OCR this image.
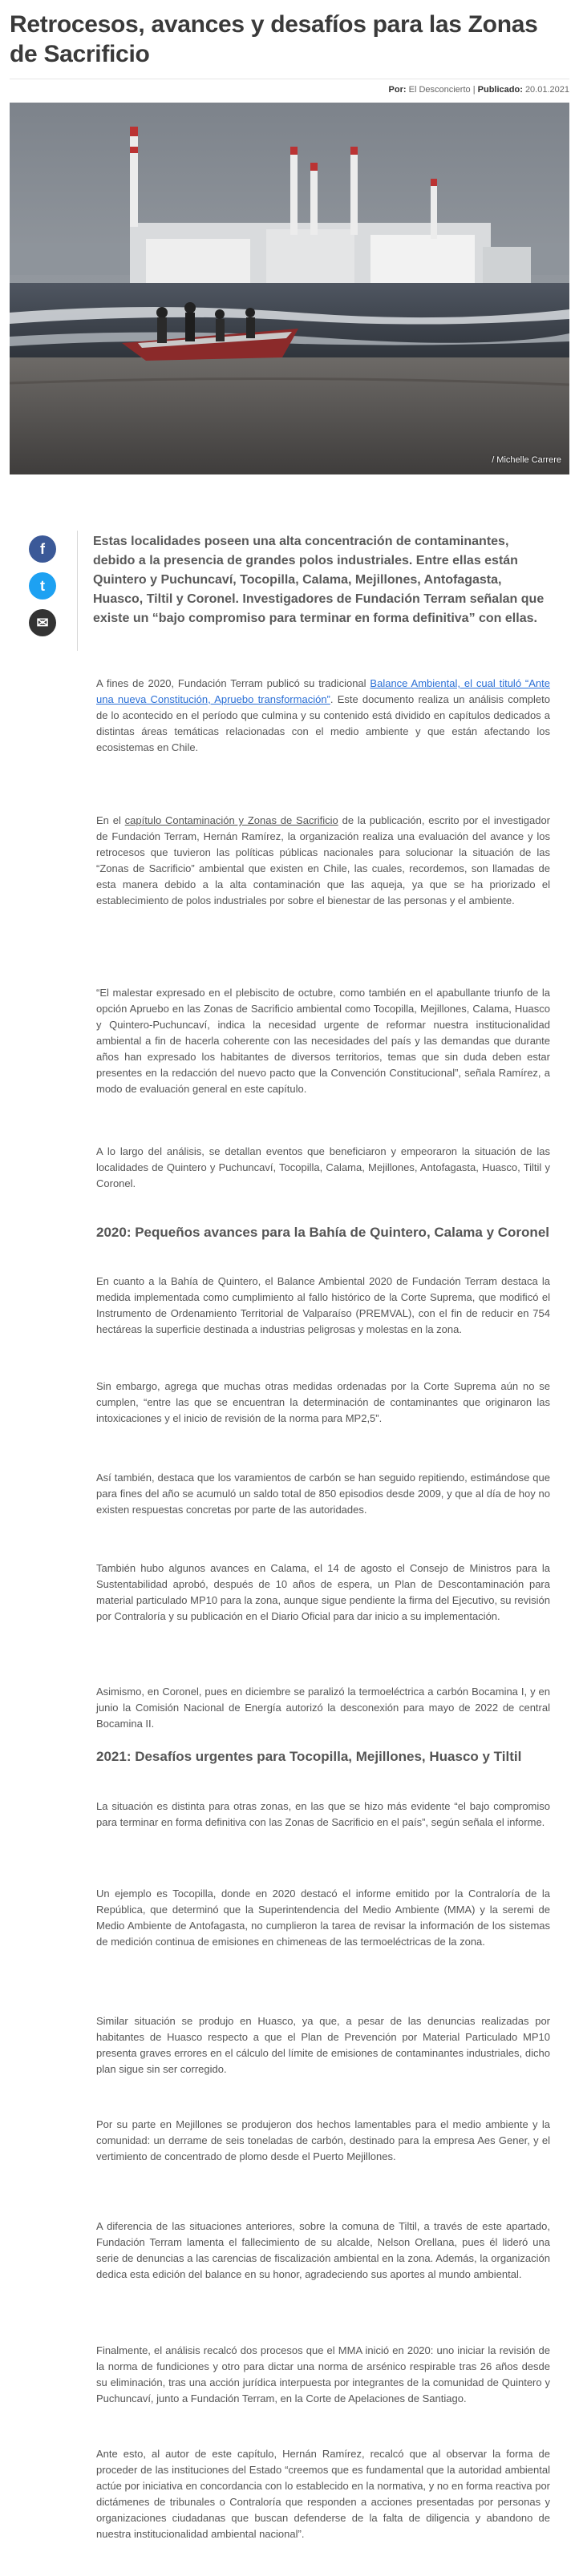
Retrocesos, avances y desafíos para las Zonas de Sacrificio
Por: El Desconcierto | Publicado: 20.01.2021
/ Michelle Carrere
f
t
✉

Estas localidades poseen una alta concentración de contaminantes, debido a la presencia de grandes polos industriales. Entre ellas están Quintero y Puchuncaví, Tocopilla, Calama, Mejillones, Antofagasta, Huasco, Tiltil y Coronel. Investigadores de Fundación Terram señalan que existe un “bajo compromiso para terminar en forma definitiva” con ellas.

A fines de 2020, Fundación Terram publicó su tradicional Balance Ambiental, el cual tituló “Ante una nueva Constitución, Apruebo transformación”. Este documento realiza un análisis completo de lo acontecido en el período que culmina y su contenido está dividido en capítulos dedicados a distintas áreas temáticas relacionadas con el medio ambiente y que están afectando los ecosistemas en Chile.

En el capítulo Contaminación y Zonas de Sacrificio de la publicación, escrito por el investigador de Fundación Terram, Hernán Ramírez, la organización realiza una evaluación del avance y los retrocesos que tuvieron las políticas públicas nacionales para solucionar la situación de las “Zonas de Sacrificio” ambiental que existen en Chile, las cuales, recordemos, son llamadas de esta manera debido a la alta contaminación que las aqueja, ya que se ha priorizado el establecimiento de polos industriales por sobre el bienestar de las personas y el ambiente.

“El malestar expresado en el plebiscito de octubre, como también en el apabullante triunfo de la opción Apruebo en las Zonas de Sacrificio ambiental como Tocopilla, Mejillones, Calama, Huasco y Quintero-Puchuncaví, indica la necesidad urgente de reformar nuestra institucionalidad ambiental a fin de hacerla coherente con las necesidades del país y las demandas que durante años han expresado los habitantes de diversos territorios, temas que sin duda deben estar presentes en la redacción del nuevo pacto que la Convención Constitucional”, señala Ramírez, a modo de evaluación general en este capítulo.

A lo largo del análisis, se detallan eventos que beneficiaron y empeoraron la situación de las localidades de Quintero y Puchuncaví, Tocopilla, Calama, Mejillones, Antofagasta, Huasco, Tiltil y Coronel.

2020: Pequeños avances para la Bahía de Quintero, Calama y Coronel

En cuanto a la Bahía de Quintero, el Balance Ambiental 2020 de Fundación Terram destaca la medida implementada como cumplimiento al fallo histórico de la Corte Suprema, que modificó el Instrumento de Ordenamiento Territorial de Valparaíso (PREMVAL), con el fin de reducir en 754 hectáreas la superficie destinada a industrias peligrosas y molestas en la zona.

Sin embargo, agrega que muchas otras medidas ordenadas por la Corte Suprema aún no se cumplen, “entre las que se encuentran la determinación de contaminantes que originaron las intoxicaciones y el inicio de revisión de la norma para MP2,5”.

Así también, destaca que los varamientos de carbón se han seguido repitiendo, estimándose que para fines del año se acumuló un saldo total de 850 episodios desde 2009, y que al día de hoy no existen respuestas concretas por parte de las autoridades.

También hubo algunos avances en Calama, el 14 de agosto el Consejo de Ministros para la Sustentabilidad aprobó, después de 10 años de espera, un Plan de Descontaminación para material particulado MP10 para la zona, aunque sigue pendiente la firma del Ejecutivo, su revisión por Contraloría y su publicación en el Diario Oficial para dar inicio a su implementación.

Asimismo, en Coronel, pues en diciembre se paralizó la termoeléctrica a carbón Bocamina I, y en junio la Comisión Nacional de Energía autorizó la desconexión para mayo de 2022 de central Bocamina II.

2021: Desafíos urgentes para Tocopilla, Mejillones, Huasco y Tiltil

La situación es distinta para otras zonas, en las que se hizo más evidente “el bajo compromiso para terminar en forma definitiva con las Zonas de Sacrificio en el país”, según señala el informe.

Un ejemplo es Tocopilla, donde en 2020 destacó el informe emitido por la Contraloría de la República, que determinó que la Superintendencia del Medio Ambiente (MMA) y la seremi de Medio Ambiente de Antofagasta, no cumplieron la tarea de revisar la información de los sistemas de medición continua de emisiones en chimeneas de las termoeléctricas de la zona.

Similar situación se produjo en Huasco, ya que, a pesar de las denuncias realizadas por habitantes de Huasco respecto a que el Plan de Prevención por Material Particulado MP10 presenta graves errores en el cálculo del límite de emisiones de contaminantes industriales, dicho plan sigue sin ser corregido.

Por su parte en Mejillones se produjeron dos hechos lamentables para el medio ambiente y la comunidad: un derrame de seis toneladas de carbón, destinado para la empresa Aes Gener, y el vertimiento de concentrado de plomo desde el Puerto Mejillones.

A diferencia de las situaciones anteriores, sobre la comuna de Tiltil, a través de este apartado, Fundación Terram lamenta el fallecimiento de su alcalde, Nelson Orellana, pues él lideró una serie de denuncias a las carencias de fiscalización ambiental en la zona. Además, la organización dedica esta edición del balance en su honor, agradeciendo sus aportes al mundo ambiental.

Finalmente, el análisis recalcó dos procesos que el MMA inició en 2020: uno iniciar la revisión de la norma de fundiciones y otro para dictar una norma de arsénico respirable tras 26 años desde su eliminación, tras una acción jurídica interpuesta por integrantes de la comunidad de Quintero y Puchuncaví, junto a Fundación Terram, en la Corte de Apelaciones de Santiago.

Ante esto, al autor de este capítulo, Hernán Ramírez, recalcó que al observar la forma de proceder de las instituciones del Estado “creemos que es fundamental que la autoridad ambiental actúe por iniciativa en concordancia con lo establecido en la normativa, y no en forma reactiva por dictámenes de tribunales o Contraloría que responden a acciones presentadas por personas y organizaciones ciudadanas que buscan defenderse de la falta de diligencia y abandono de nuestra institucionalidad ambiental nacional”.
